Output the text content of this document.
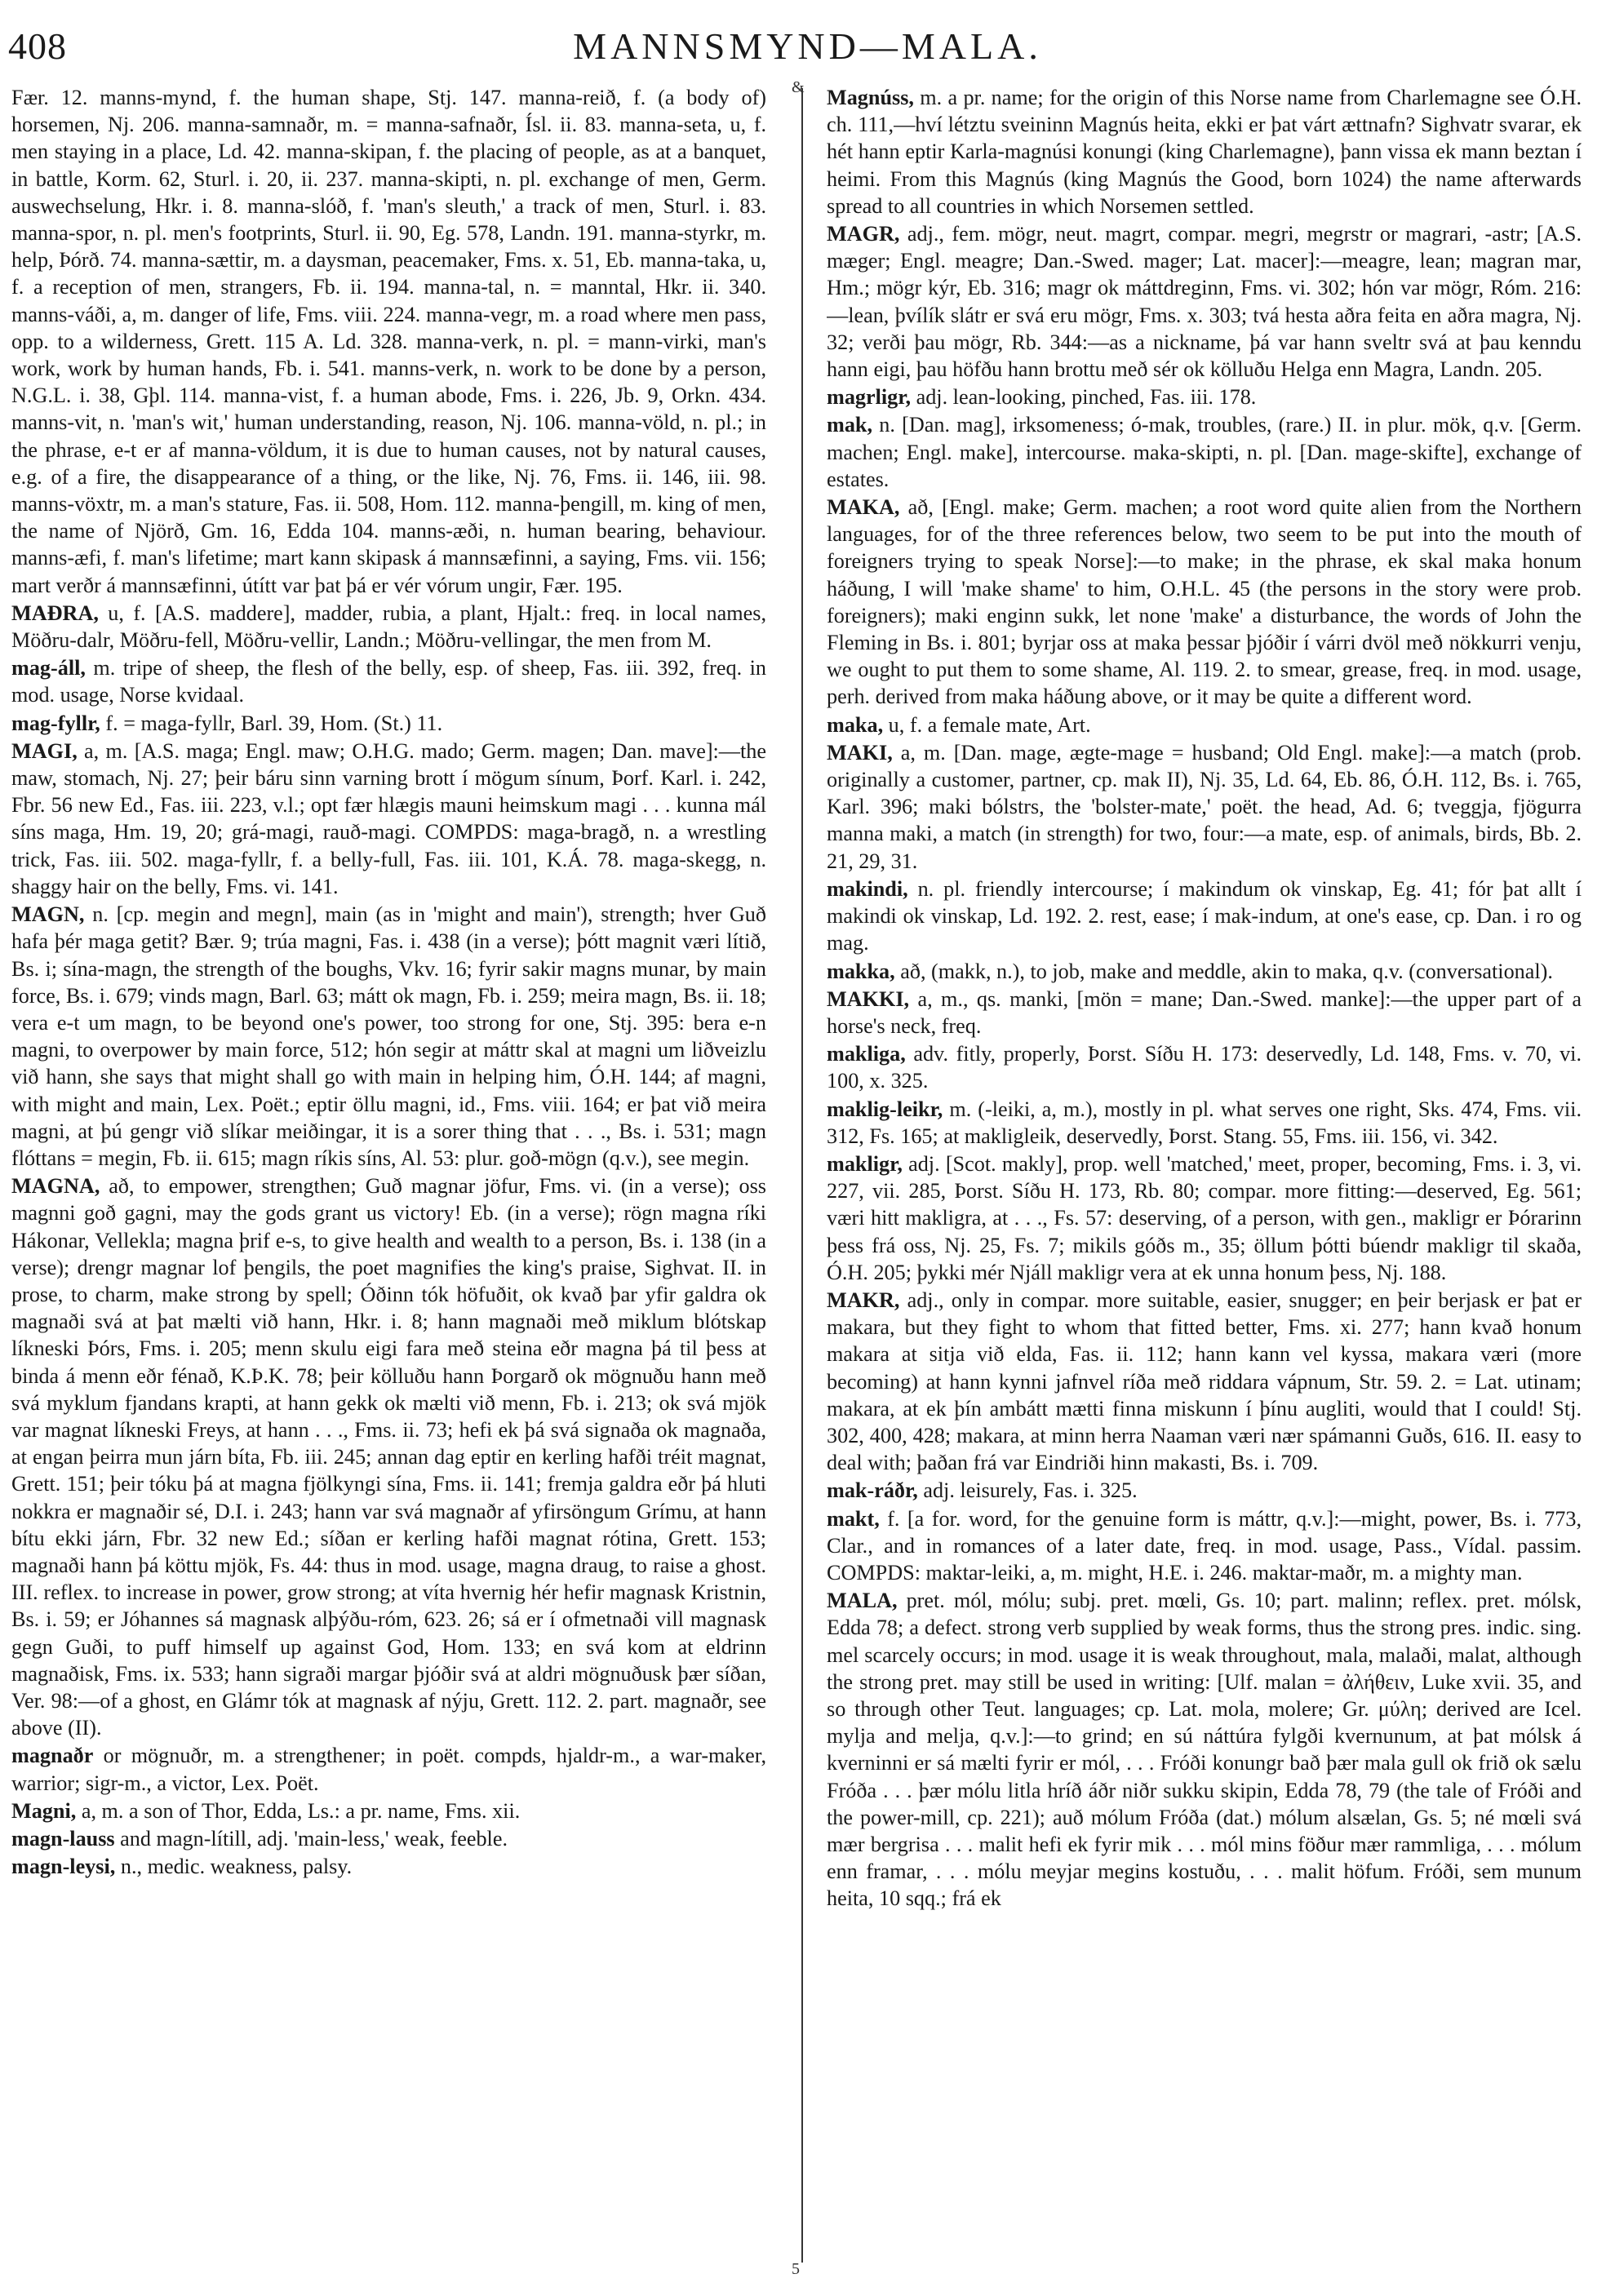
408	MANNSMYND—MALA.
&
5

Fær. 12. manns-mynd, f. the human shape, Stj. 147. manna-reið, f. (a body of) horsemen, Nj. 206. manna-samnaðr, m. = manna-safnaðr, Ísl. ii. 83. manna-seta, u, f. men staying in a place, Ld. 42. manna-skipan, f. the placing of people, as at a banquet, in battle, Korm. 62, Sturl. i. 20, ii. 237. manna-skipti, n. pl. exchange of men, Germ. auswechselung, Hkr. i. 8. manna-slóð, f. 'man's sleuth,' a track of men, Sturl. i. 83. manna-spor, n. pl. men's footprints, Sturl. ii. 90, Eg. 578, Landn. 191. manna-styrkr, m. help, Þórð. 74. manna-sættir, m. a daysman, peacemaker, Fms. x. 51, Eb. manna-taka, u, f. a reception of men, strangers, Fb. ii. 194. manna-tal, n. = manntal, Hkr. ii. 340. manns-váði, a, m. danger of life, Fms. viii. 224. manna-vegr, m. a road where men pass, opp. to a wilderness, Grett. 115 A. Ld. 328. manna-verk, n. pl. = mann-virki, man's work, work by human hands, Fb. i. 541. manns-verk, n. work to be done by a person, N.G.L. i. 38, Gþl. 114. manna-vist, f. a human abode, Fms. i. 226, Jb. 9, Orkn. 434. manns-vit, n. 'man's wit,' human understanding, reason, Nj. 106. manna-völd, n. pl.; in the phrase, e-t er af manna-völdum, it is due to human causes, not by natural causes, e.g. of a fire, the disappearance of a thing, or the like, Nj. 76, Fms. ii. 146, iii. 98. manns-vöxtr, m. a man's stature, Fas. ii. 508, Hom. 112. manna-þengill, m. king of men, the name of Njörð, Gm. 16, Edda 104. manns-æði, n. human bearing, behaviour. manns-æfi, f. man's lifetime; mart kann skipask á mannsæfinni, a saying, Fms. vii. 156; mart verðr á mannsæfinni, útítt var þat þá er vér vórum ungir, Fær. 195.

MAÐRA, u, f. [A.S. maddere], madder, rubia, a plant, Hjalt.: freq. in local names, Möðru-dalr, Möðru-fell, Möðru-vellir, Landn.; Möðru-vellingar, the men from M.

mag-áll, m. tripe of sheep, the flesh of the belly, esp. of sheep, Fas. iii. 392, freq. in mod. usage, Norse kvidaal.

mag-fyllr, f. = maga-fyllr, Barl. 39, Hom. (St.) 11.

MAGI, a, m. [A.S. maga; Engl. maw; O.H.G. mado; Germ. magen; Dan. mave]:—the maw, stomach, Nj. 27; þeir báru sinn varning brott í mögum sínum, Þorf. Karl. i. 242, Fbr. 56 new Ed., Fas. iii. 223, v.l.; opt fær hlægis mauni heimskum magi . . . kunna mál síns maga, Hm. 19, 20; grá-magi, rauð-magi. COMPDS: maga-bragð, n. a wrestling trick, Fas. iii. 502. maga-fyllr, f. a belly-full, Fas. iii. 101, K.Á. 78. maga-skegg, n. shaggy hair on the belly, Fms. vi. 141.

MAGN, n. [cp. megin and megn], main (as in 'might and main'), strength; hver Guð hafa þér maga getit? Bær. 9; trúa magni, Fas. i. 438 (in a verse); þótt magnit væri lítið, Bs. i; sína-magn, the strength of the boughs, Vkv. 16; fyrir sakir magns munar, by main force, Bs. i. 679; vinds magn, Barl. 63; mátt ok magn, Fb. i. 259; meira magn, Bs. ii. 18; vera e-t um magn, to be beyond one's power, too strong for one, Stj. 395: bera e-n magni, to overpower by main force, 512; hón segir at máttr skal at magni um liðveizlu við hann, she says that might shall go with main in helping him, Ó.H. 144; af magni, with might and main, Lex. Poët.; eptir öllu magni, id., Fms. viii. 164; er þat við meira magni, at þú gengr við slíkar meiðingar, it is a sorer thing that . . ., Bs. i. 531; magn flóttans = megin, Fb. ii. 615; magn ríkis síns, Al. 53: plur. goð-mögn (q.v.), see megin.

MAGNA, að, to empower, strengthen; Guð magnar jöfur, Fms. vi. (in a verse); oss magnni goð gagni, may the gods grant us victory! Eb. (in a verse); rögn magna ríki Hákonar, Vellekla; magna þrif e-s, to give health and wealth to a person, Bs. i. 138 (in a verse); drengr magnar lof þengils, the poet magnifies the king's praise, Sighvat. II. in prose, to charm, make strong by spell; Óðinn tók höfuðit, ok kvað þar yfir galdra ok magnaði svá at þat mælti við hann, Hkr. i. 8; hann magnaði með miklum blótskap líkneski Þórs, Fms. i. 205; menn skulu eigi fara með steina eðr magna þá til þess at binda á menn eðr fénað, K.Þ.K. 78; þeir kölluðu hann Þorgarð ok mögnuðu hann með svá myklum fjandans krapti, at hann gekk ok mælti við menn, Fb. i. 213; ok svá mjök var magnat líkneski Freys, at hann . . ., Fms. ii. 73; hefi ek þá svá signaða ok magnaða, at engan þeirra mun járn bíta, Fb. iii. 245; annan dag eptir en kerling hafði tréit magnat, Grett. 151; þeir tóku þá at magna fjölkyngi sína, Fms. ii. 141; fremja galdra eðr þá hluti nokkra er magnaðir sé, D.I. i. 243; hann var svá magnaðr af yfirsöngum Grímu, at hann bítu ekki járn, Fbr. 32 new Ed.; síðan er kerling hafði magnat rótina, Grett. 153; magnaði hann þá köttu mjök, Fs. 44: thus in mod. usage, magna draug, to raise a ghost. III. reflex. to increase in power, grow strong; at víta hvernig hér hefir magnask Kristnin, Bs. i. 59; er Jóhannes sá magnask alþýðu-róm, 623. 26; sá er í ofmetnaði vill magnask gegn Guði, to puff himself up against God, Hom. 133; en svá kom at eldrinn magnaðisk, Fms. ix. 533; hann sigraði margar þjóðir svá at aldri mögnuðusk þær síðan, Ver. 98:—of a ghost, en Glámr tók at magnask af nýju, Grett. 112. 2. part. magnaðr, see above (II).

magnaðr or mögnuðr, m. a strengthener; in poët. compds, hjaldr-m., a war-maker, warrior; sigr-m., a victor, Lex. Poët.

Magni, a, m. a son of Thor, Edda, Ls.: a pr. name, Fms. xii.

magn-lauss and magn-lítill, adj. 'main-less,' weak, feeble.

magn-leysi, n., medic. weakness, palsy.

Magnúss, m. a pr. name; for the origin of this Norse name from Charlemagne see Ó.H. ch. 111,—hví létztu sveininn Magnús heita, ekki er þat várt ættnafn? Sighvatr svarar, ek hét hann eptir Karla-magnúsi konungi (king Charlemagne), þann vissa ek mann beztan í heimi. From this Magnús (king Magnús the Good, born 1024) the name afterwards spread to all countries in which Norsemen settled.

MAGR, adj., fem. mögr, neut. magrt, compar. megri, megrstr or magrari, -astr; [A.S. mæger; Engl. meagre; Dan.-Swed. mager; Lat. macer]:—meagre, lean; magran mar, Hm.; mögr kýr, Eb. 316; magr ok máttdreginn, Fms. vi. 302; hón var mögr, Róm. 216:—lean, þvílík slátr er svá eru mögr, Fms. x. 303; tvá hesta aðra feita en aðra magra, Nj. 32; verði þau mögr, Rb. 344:—as a nickname, þá var hann sveltr svá at þau kenndu hann eigi, þau höfðu hann brottu með sér ok kölluðu Helga enn Magra, Landn. 205.

magrligr, adj. lean-looking, pinched, Fas. iii. 178.

mak, n. [Dan. mag], irksomeness; ó-mak, troubles, (rare.) II. in plur. mök, q.v. [Germ. machen; Engl. make], intercourse. maka-skipti, n. pl. [Dan. mage-skifte], exchange of estates.

MAKA, að, [Engl. make; Germ. machen; a root word quite alien from the Northern languages, for of the three references below, two seem to be put into the mouth of foreigners trying to speak Norse]:—to make; in the phrase, ek skal maka honum háðung, I will 'make shame' to him, O.H.L. 45 (the persons in the story were prob. foreigners); maki enginn sukk, let none 'make' a disturbance, the words of John the Fleming in Bs. i. 801; byrjar oss at maka þessar þjóðir í várri dvöl með nökkurri venju, we ought to put them to some shame, Al. 119. 2. to smear, grease, freq. in mod. usage, perh. derived from maka háðung above, or it may be quite a different word.

maka, u, f. a female mate, Art.

MAKI, a, m. [Dan. mage, ægte-mage = husband; Old Engl. make]:—a match (prob. originally a customer, partner, cp. mak II), Nj. 35, Ld. 64, Eb. 86, Ó.H. 112, Bs. i. 765, Karl. 396; maki bólstrs, the 'bolster-mate,' poët. the head, Ad. 6; tveggja, fjögurra manna maki, a match (in strength) for two, four:—a mate, esp. of animals, birds, Bb. 2. 21, 29, 31.

makindi, n. pl. friendly intercourse; í makindum ok vinskap, Eg. 41; fór þat allt í makindi ok vinskap, Ld. 192. 2. rest, ease; í mak-indum, at one's ease, cp. Dan. i ro og mag.

makka, að, (makk, n.), to job, make and meddle, akin to maka, q.v. (conversational).

MAKKI, a, m., qs. manki, [mön = mane; Dan.-Swed. manke]:—the upper part of a horse's neck, freq.

makliga, adv. fitly, properly, Þorst. Síðu H. 173: deservedly, Ld. 148, Fms. v. 70, vi. 100, x. 325.

maklig-leikr, m. (-leiki, a, m.), mostly in pl. what serves one right, Sks. 474, Fms. vii. 312, Fs. 165; at makligleik, deservedly, Þorst. Stang. 55, Fms. iii. 156, vi. 342.

makligr, adj. [Scot. makly], prop. well 'matched,' meet, proper, becoming, Fms. i. 3, vi. 227, vii. 285, Þorst. Síðu H. 173, Rb. 80; compar. more fitting:—deserved, Eg. 561; væri hitt makligra, at . . ., Fs. 57: deserving, of a person, with gen., makligr er Þórarinn þess frá oss, Nj. 25, Fs. 7; mikils góðs m., 35; öllum þótti búendr makligr til skaða, Ó.H. 205; þykki mér Njáll makligr vera at ek unna honum þess, Nj. 188.

MAKR, adj., only in compar. more suitable, easier, snugger; en þeir berjask er þat er makara, but they fight to whom that fitted better, Fms. xi. 277; hann kvað honum makara at sitja við elda, Fas. ii. 112; hann kann vel kyssa, makara væri (more becoming) at hann kynni jafnvel ríða með riddara vápnum, Str. 59. 2. = Lat. utinam; makara, at ek þín ambátt mætti finna miskunn í þínu augliti, would that I could! Stj. 302, 400, 428; makara, at minn herra Naaman væri nær spámanni Guðs, 616. II. easy to deal with; þaðan frá var Eindriði hinn makasti, Bs. i. 709.

mak-ráðr, adj. leisurely, Fas. i. 325.

makt, f. [a for. word, for the genuine form is máttr, q.v.]:—might, power, Bs. i. 773, Clar., and in romances of a later date, freq. in mod. usage, Pass., Vídal. passim. COMPDS: maktar-leiki, a, m. might, H.E. i. 246. maktar-maðr, m. a mighty man.

MALA, pret. mól, mólu; subj. pret. mœli, Gs. 10; part. malinn; reflex. pret. mólsk, Edda 78; a defect. strong verb supplied by weak forms, thus the strong pres. indic. sing. mel scarcely occurs; in mod. usage it is weak throughout, mala, malaði, malat, although the strong pret. may still be used in writing: [Ulf. malan = ἀλήθειν, Luke xvii. 35, and so through other Teut. languages; cp. Lat. mola, molere; Gr. μύλη; derived are Icel. mylja and melja, q.v.]:—to grind; en sú náttúra fylgði kvernunum, at þat mólsk á kverninni er sá mælti fyrir er mól, . . . Fróði konungr bað þær mala gull ok frið ok sælu Fróða . . . þær mólu litla hríð áðr niðr sukku skipin, Edda 78, 79 (the tale of Fróði and the power-mill, cp. 221); auð mólum Fróða (dat.) mólum alsælan, Gs. 5; né mœli svá mær bergrisa . . . malit hefi ek fyrir mik . . . mól mins föður mær rammliga, . . . mólum enn framar, . . . mólu meyjar megins kostuðu, . . . malit höfum. Fróði, sem munum heita, 10 sqq.; frá ek
